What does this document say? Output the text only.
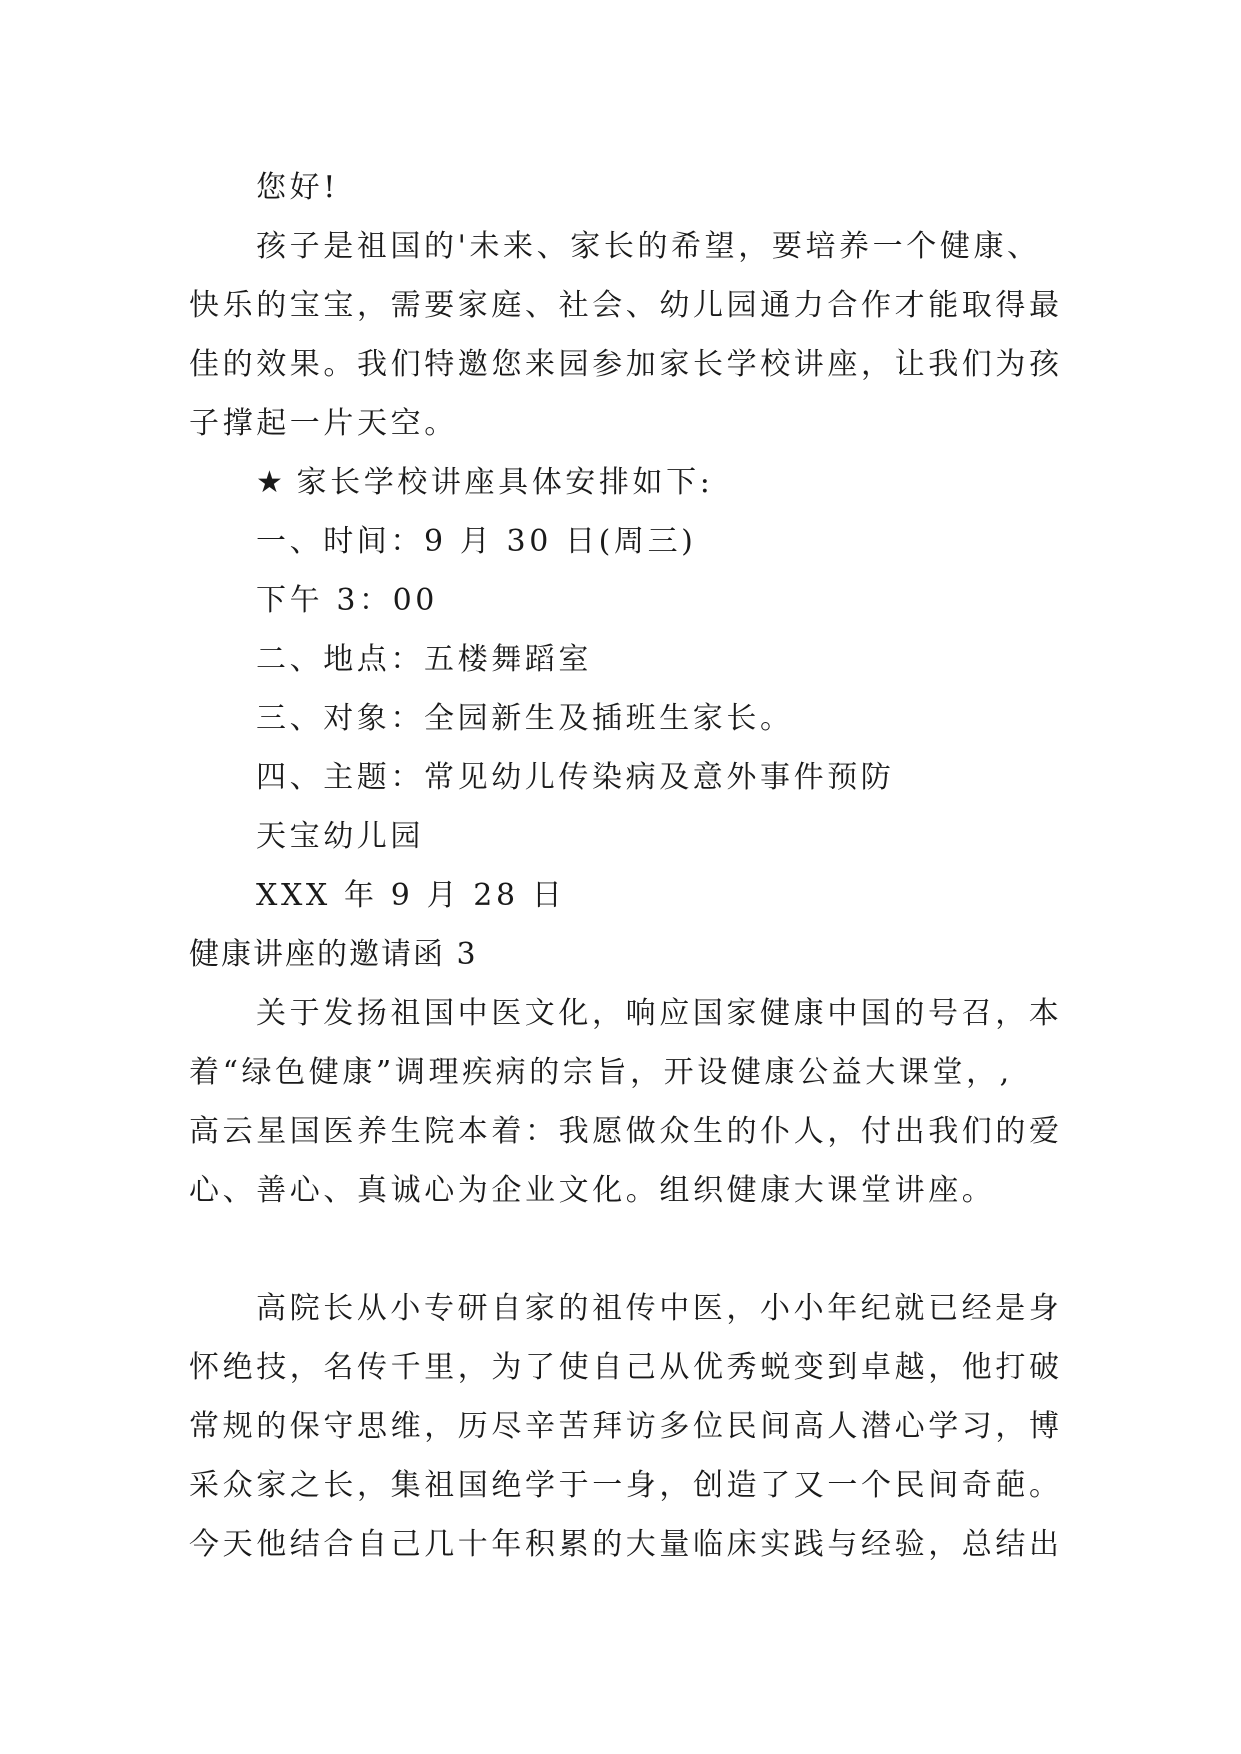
您好!
孩子是祖国的'未来、家长的希望，要培养一个健康、
快乐的宝宝，需要家庭、社会、幼儿园通力合作才能取得最
佳的效果。我们特邀您来园参加家长学校讲座，让我们为孩
子撑起一片天空。
★ 家长学校讲座具体安排如下:
一、时间：9 月 30 日(周三)
下午 3：00
二、地点：五楼舞蹈室
三、对象：全园新生及插班生家长。
四、主题：常见幼儿传染病及意外事件预防
天宝幼儿园
XXX 年 9 月 28 日
健康讲座的邀请函 3
关于发扬祖国中医文化，响应国家健康中国的号召，本
着“绿色健康”调理疾病的宗旨，开设健康公益大课堂，,
高云星国医养生院本着：我愿做众生的仆人，付出我们的爱
心、善心、真诚心为企业文化。组织健康大课堂讲座。
高院长从小专研自家的祖传中医，小小年纪就已经是身
怀绝技，名传千里，为了使自己从优秀蜕变到卓越，他打破
常规的保守思维，历尽辛苦拜访多位民间高人潜心学习，博
采众家之长，集祖国绝学于一身，创造了又一个民间奇葩。
今天他结合自己几十年积累的大量临床实践与经验，总结出
